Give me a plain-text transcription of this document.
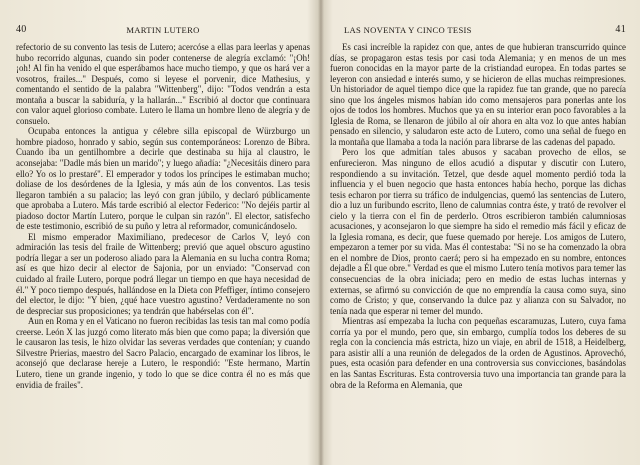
40	MARTIN LUTERO

refectorio de su convento las tesis de Lutero; acercóse a ellas para leerlas y apenas hubo recorrido algunas, cuando sin poder contenerse de alegría exclamó: "¡Oh! ¡oh! Al fin ha venido el que esperábamos hace mucho tiempo, y que os hará ver a vosotros, frailes..." Después, como si leyese el porvenir, dice Mathesius, y comentando el sentido de la palabra "Wittenberg", dijo: "Todos vendrán a esta montaña a buscar la sabiduría, y la hallarán..." Escribió al doctor que continuara con valor aquel glorioso combate. Lutero le llama un hombre lleno de alegría y de consuelo.

Ocupaba entonces la antigua y célebre silla episcopal de Würzburgo un hombre piadoso, honrado y sabio, según sus contemporáneos: Lorenzo de Bibra. Cuando iba un gentilhombre a decirle que destinaba su hija al claustro, le aconsejaba: "Dadle más bien un marido"; y luego añadía: "¿Necesitáis dinero para ello? Yo os lo prestaré". El emperador y todos los príncipes le estimaban mucho; doliase de los desórdenes de la Iglesia, y más aún de los conventos. Las tesis llegaron también a su palacio; las leyó con gran júbilo, y declaró públicamente que aprobaba a Lutero. Más tarde escribió al elector Federico: "No dejéis partir al piadoso doctor Martín Lutero, porque le culpan sin razón". El elector, satisfecho de este testimonio, escribió de su puño y letra al reformador, comunicándoselo.

El mismo emperador Maximiliano, predecesor de Carlos V, leyó con admiración las tesis del fraile de Wittenberg; previó que aquel obscuro agustino podría llegar a ser un poderoso aliado para la Alemania en su lucha contra Roma; así es que hizo decir al elector de Sajonia, por un enviado: "Conservad con cuidado al fraile Lutero, porque podrá llegar un tiempo en que haya necesidad de él." Y poco tiempo después, hallándose en la Dieta con Pfeffiger, íntimo consejero del elector, le dijo: "Y bien, ¿qué hace vuestro agustino? Verdaderamente no son de despreciar sus proposiciones; ya tendrán que habérselas con él".

Aun en Roma y en el Vaticano no fueron recibidas las tesis tan mal como podía creerse. León X las juzgó como literato más bien que como papa; la diversión que le causaron las tesis, le hizo olvidar las severas verdades que contenían; y cuando Silvestre Prierias, maestro del Sacro Palacio, encargado de examinar los libros, le aconsejó que declarase hereje a Lutero, le respondió: "Este hermano, Martín Lutero, tiene un grande ingenio, y todo lo que se dice contra él no es más que envidia de frailes".

LAS NOVENTA Y CINCO TESIS	41

Es casi increíble la rapidez con que, antes de que hubieran transcurrido quince días, se propagaron estas tesis por casi toda Alemania; y en menos de un mes fueron conocidas en la mayor parte de la cristiandad europea. En todas partes se leyeron con ansiedad e interés sumo, y se hicieron de ellas muchas reimpresiones. Un historiador de aquel tiempo dice que la rapidez fue tan grande, que no parecía sino que los ángeles mismos habían ido como mensajeros para ponerlas ante los ojos de todos los hombres. Muchos que ya en su interior eran poco favorables a la Iglesia de Roma, se llenaron de júbilo al oír ahora en alta voz lo que antes habían pensado en silencio, y saludaron este acto de Lutero, como una señal de fuego en la montaña que llamaba a toda la nación para librarse de las cadenas del papado.

Pero los que admitían tales abusos y sacaban provecho de ellos, se enfurecieron. Mas ninguno de ellos acudió a disputar y discutir con Lutero, respondiendo a su invitación. Tetzel, que desde aquel momento perdió toda la influencia y el buen negocio que hasta entonces había hecho, porque las dichas tesis echaron por tierra su tráfico de indulgencias, quemó las sentencias de Lutero, dio a luz un furibundo escrito, lleno de calumnias contra éste, y trató de revolver el cielo y la tierra con el fin de perderlo. Otros escribieron también calumniosas acusaciones, y aconsejaron lo que siempre ha sido el remedio más fácil y eficaz de la Iglesia romana, es decir, que fuese quemado por hereje. Los amigos de Lutero, empezaron a temer por su vida. Mas él contestaba: "Si no se ha comenzado la obra en el nombre de Dios, pronto caerá; pero si ha empezado en su nombre, entonces dejadle a Él que obre." Verdad es que el mismo Lutero tenía motivos para temer las consecuencias de la obra iniciada; pero en medio de estas luchas internas y externas, se afirmó su convicción de que no emprendía la causa como suya, sino como de Cristo; y que, conservando la dulce paz y alianza con su Salvador, no tenía nada que esperar ni temer del mundo.

Mientras así empezaba la lucha con pequeñas escaramuzas, Lutero, cuya fama corría ya por el mundo, pero que, sin embargo, cumplía todos los deberes de su regla con la conciencia más estricta, hizo un viaje, en abril de 1518, a Heidelberg, para asistir allí a una reunión de delegados de la orden de Agustinos. Aprovechó, pues, esta ocasión para defender en una controversia sus convicciones, basándolas en las Santas Escrituras. Esta controversia tuvo una importancia tan grande para la obra de la Reforma en Alemania, que
